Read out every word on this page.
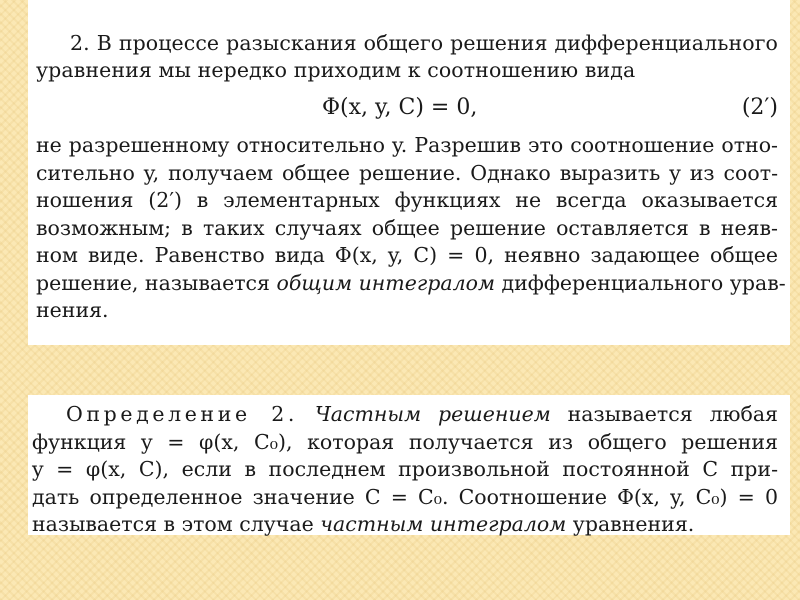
2. В процессе разыскания общего решения дифференциального
уравнения мы нередко приходим к соотношению вида
Φ(x, y, C) = 0,	(2′)
не разрешенному относительно y. Разрешив это соотношение отно-
сительно y, получаем общее решение. Однако выразить y из соот-
ношения (2′) в элементарных функциях не всегда оказывается
возможным; в таких случаях общее решение оставляется в неяв-
ном виде. Равенство вида Φ(x, y, C) = 0, неявно задающее общее
решение, называется общим интегралом дифференциального урав-
нения.
Определение 2. Частным решением называется любая
функция y = φ(x, C₀), которая получается из общего решения
y = φ(x, C), если в последнем произвольной постоянной C при-
дать определенное значение C = C₀. Соотношение Φ(x, y, C₀) = 0
называется в этом случае частным интегралом уравнения.
